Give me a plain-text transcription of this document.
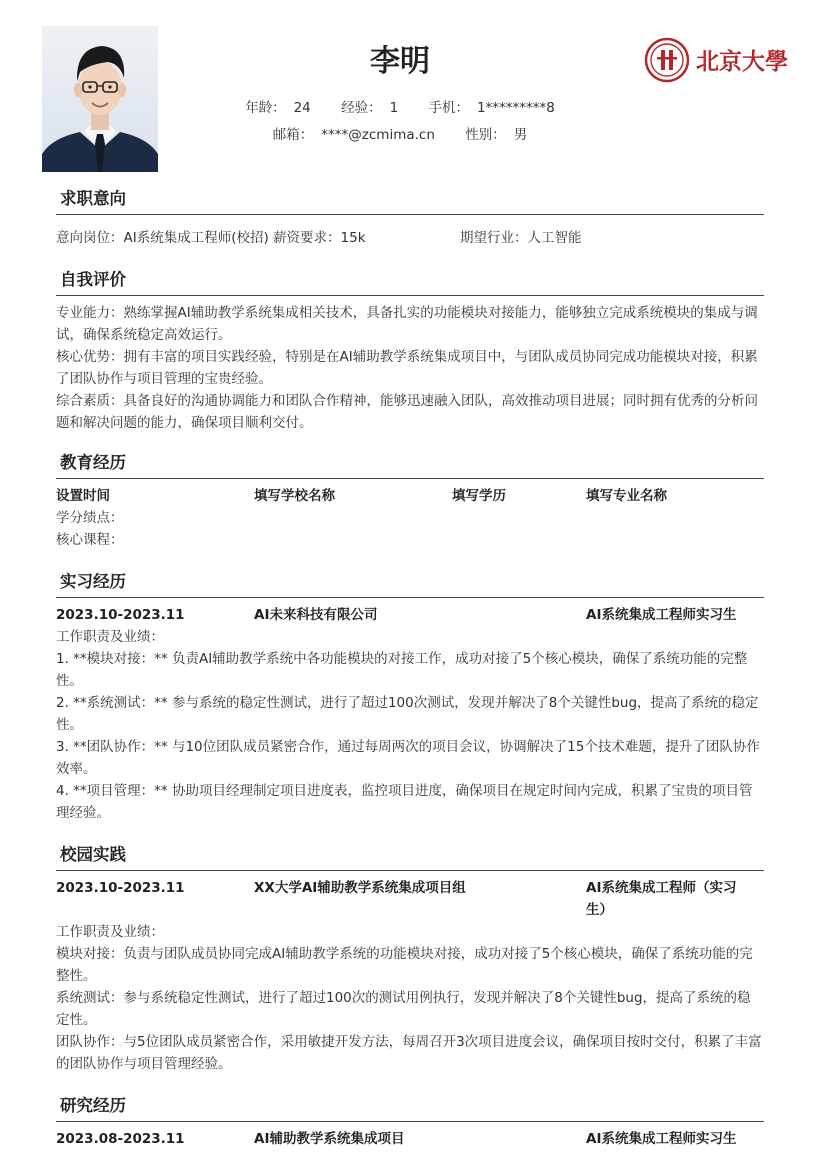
李明
年龄： 24 经验： 1 手机： 1*********8
邮箱： ****@zcmima.cn 性别： 男
北京大學
求职意向
意向岗位：AI系统集成工程师(校招) 薪资要求：15k	期望行业：人工智能
自我评价

专业能力：熟练掌握AI辅助教学系统集成相关技术，具备扎实的功能模块对接能力，能够独立完成系统模块的集成与调试，确保系统稳定高效运行。

核心优势：拥有丰富的项目实践经验，特别是在AI辅助教学系统集成项目中，与团队成员协同完成功能模块对接，积累了团队协作与项目管理的宝贵经验。

综合素质：具备良好的沟通协调能力和团队合作精神，能够迅速融入团队，高效推动项目进展；同时拥有优秀的分析问题和解决问题的能力，确保项目顺利交付。

教育经历
设置时间	填写学校名称	填写学历	填写专业名称

学分绩点：

核心课程：

实习经历
2023.10-2023.11	AI未来科技有限公司	AI系统集成工程师实习生

工作职责及业绩：

1. **模块对接：** 负责AI辅助教学系统中各功能模块的对接工作，成功对接了5个核心模块，确保了系统功能的完整性。

2. **系统测试：** 参与系统的稳定性测试，进行了超过100次测试，发现并解决了8个关键性bug，提高了系统的稳定性。

3. **团队协作：** 与10位团队成员紧密合作，通过每周两次的项目会议，协调解决了15个技术难题，提升了团队协作效率。

4. **项目管理：** 协助项目经理制定项目进度表，监控项目进度，确保项目在规定时间内完成，积累了宝贵的项目管理经验。

校园实践
2023.10-2023.11	XX大学AI辅助教学系统集成项目组	AI系统集成工程师（实习生）

工作职责及业绩：

模块对接：负责与团队成员协同完成AI辅助教学系统的功能模块对接，成功对接了5个核心模块，确保了系统功能的完整性。

系统测试：参与系统稳定性测试，进行了超过100次的测试用例执行，发现并解决了8个关键性bug，提高了系统的稳定性。

团队协作：与5位团队成员紧密合作，采用敏捷开发方法，每周召开3次项目进度会议，确保项目按时交付，积累了丰富的团队协作与项目管理经验。

研究经历
2023.08-2023.11	AI辅助教学系统集成项目	AI系统集成工程师实习生
